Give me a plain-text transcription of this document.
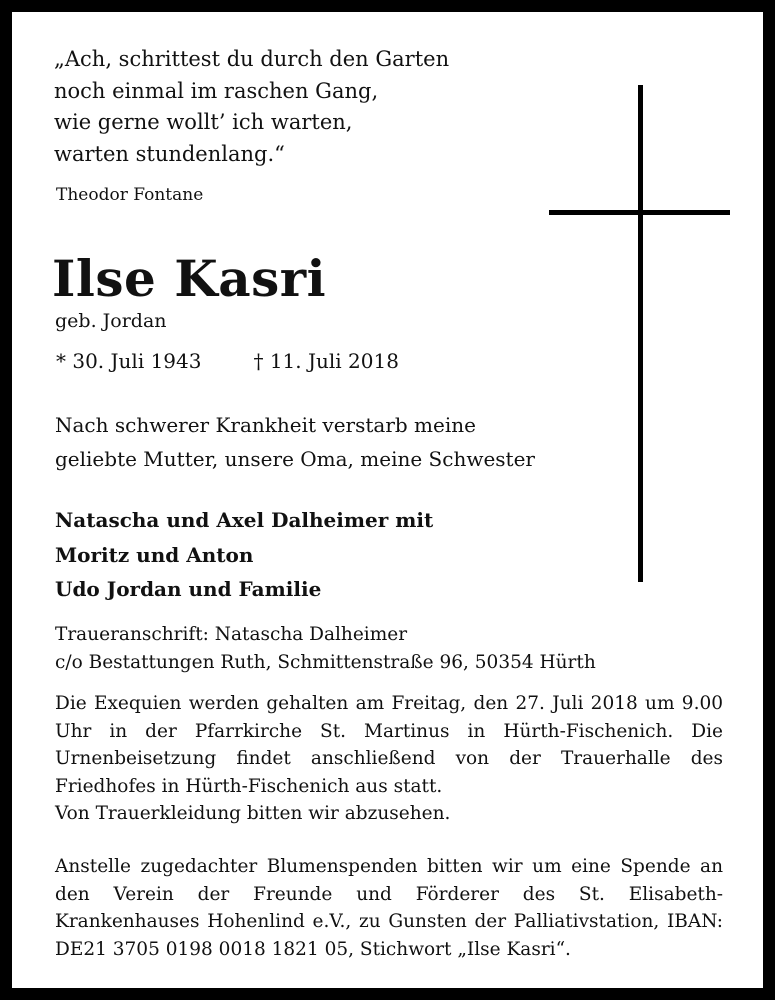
„Ach, schrittest du durch den Garten
noch einmal im raschen Gang,
wie gerne wollt’ ich warten,
warten stundenlang.“
Theodor Fontane
Ilse Kasri
geb. Jordan
* 30. Juli 1943	† 11. Juli 2018
Nach schwerer Krankheit verstarb meine
geliebte Mutter, unsere Oma, meine Schwester
Natascha und Axel Dalheimer mit
Moritz und Anton
Udo Jordan und Familie
Traueranschrift: Natascha Dalheimer
c/o Bestattungen Ruth, Schmittenstraße 96, 50354 Hürth
Die Exequien werden gehalten am Freitag, den 27. Juli 2018 um 9.00 Uhr in der Pfarrkirche St. Martinus in Hürth-Fischenich. Die Urnenbeisetzung findet anschließend von der Trauerhalle des Friedhofes in Hürth-Fischenich aus statt.
Von Trauerkleidung bitten wir abzusehen.
Anstelle zugedachter Blumenspenden bitten wir um eine Spende an den Verein der Freunde und Förderer des St. Elisabeth-Krankenhauses Hohenlind e.V., zu Gunsten der Palliativstation, IBAN: DE21 3705 0198 0018 1821 05, Stichwort „Ilse Kasri“.
